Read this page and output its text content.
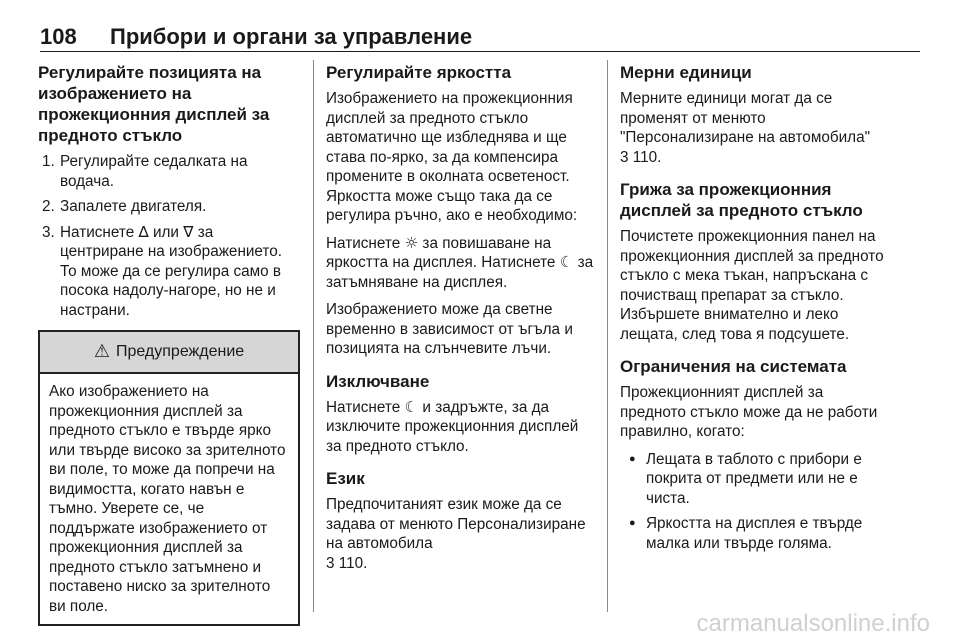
108 Прибори и органи за управление
Регулирайте позицията на изображението на прожекционния дисплей за предното стъкло
1. Регулирайте седалката на водача.
2. Запалете двигателя.
3. Натиснете ∆ или ∇ за центриране на изображението. То може да се регулира само в посока надолу-нагоре, но не и настрани.
⚠ Предупреждение
Ако изображението на прожекционния дисплей за предното стъкло е твърде ярко или твърде високо за зрителното ви поле, то може да попречи на видимостта, когато навън е тъмно. Уверете се, че поддържате изображението от прожекционния дисплей за предното стъкло затъмнено и поставено ниско за зрителното ви поле.
Регулирайте яркостта

Изображението на прожекционния дисплей за предното стъкло автоматично ще избледнява и ще става по-ярко, за да компенсира промените в околната осветеност. Яркостта може също така да се регулира ръчно, ако е необходимо:

Натиснете ☼ за повишаване на яркостта на дисплея. Натиснете ☾ за затъмняване на дисплея.

Изображението може да светне временно в зависимост от ъгъла и позицията на слънчевите лъчи.

Изключване

Натиснете ☾ и задръжте, за да изключите прожекционния дисплей за предното стъкло.

Език

Предпочитаният език може да се задава от менюто Персонализиране на автомобила
3 110.

Мерни единици

Мерните единици могат да се променят от менюто "Персонализиране на автомобила"
3 110.

Грижа за прожекционния дисплей за предното стъкло

Почистете прожекционния панел на прожекционния дисплей за предното стъкло с мека тъкан, напръскана с почистващ препарат за стъкло. Избършете внимателно и леко лещата, след това я подсушете.

Ограничения на системата

Прожекционният дисплей за предното стъкло може да не работи правилно, когато:

● Лещата в таблото с прибори е покрита от предмети или не е чиста.
● Яркостта на дисплея е твърде малка или твърде голяма.
carmanualsonline.info
